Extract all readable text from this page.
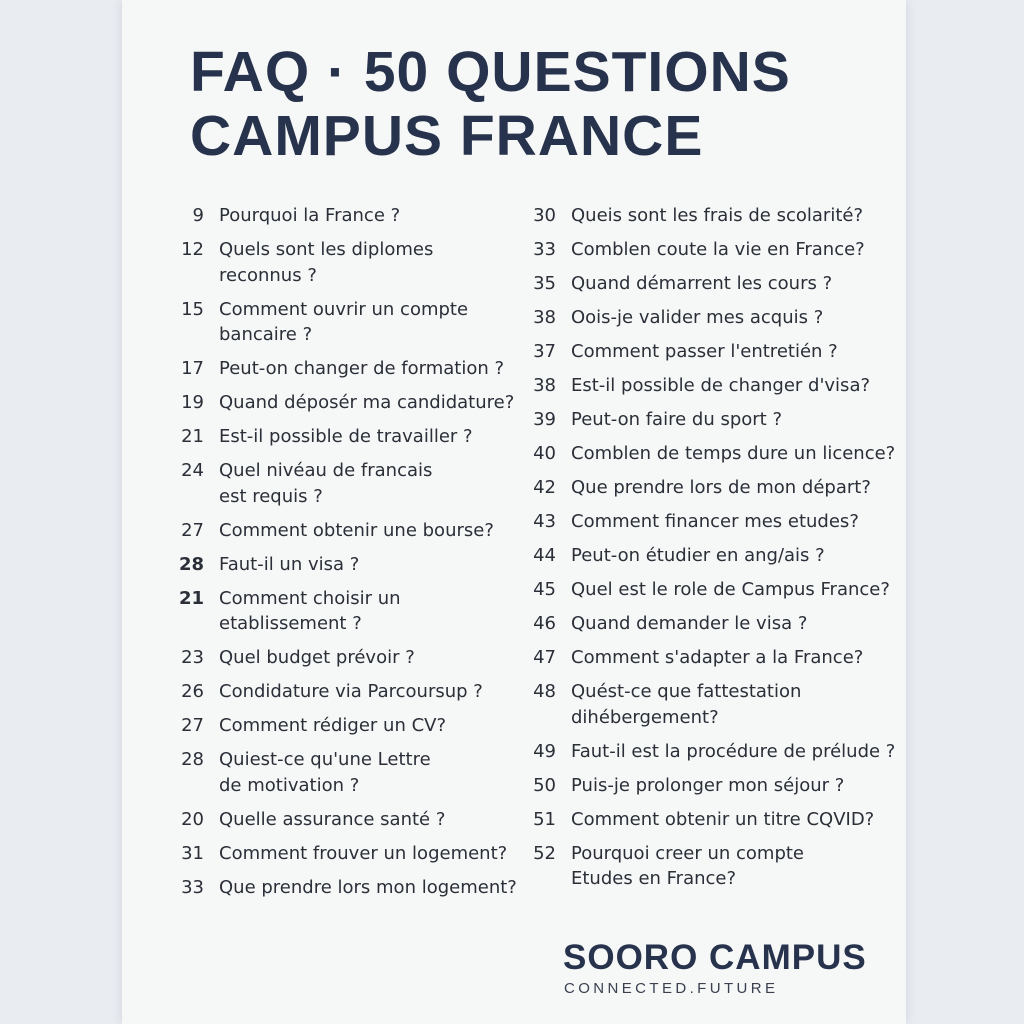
FAQ · 50 QUESTIONS
CAMPUS FRANCE
9 Pourquoi la France ?
12 Quels sont les diplomes
reconnus ?
15 Comment ouvrir un compte
bancaire ?
17 Peut-on changer de formation ?
19 Quand déposér ma candidature?
21 Est-il possible de travailler ?
24 Quel nivéau de francais
est requis ?
27 Comment obtenir une bourse?
28 Faut-il un visa ?
21 Comment choisir un
etablissement ?
23 Quel budget prévoir ?
26 Condidature via Parcoursup ?
27 Comment rédiger un CV?
28 Quiest-ce qu'une Lettre
de motivation ?
20 Quelle assurance santé ?
31 Comment frouver un logement?
33 Que prendre lors mon logement?
30 Queis sont les frais de scolarité?
33 Comblen coute la vie en France?
35 Quand démarrent les cours ?
38 Oois-je valider mes acquis ?
37 Comment passer l'entretién ?
38 Est-il possible de changer d'visa?
39 Peut-on faire du sport ?
40 Comblen de temps dure un licence?
42 Que prendre lors de mon départ?
43 Comment financer mes etudes?
44 Peut-on étudier en ang/ais ?
45 Quel est le role de Campus France?
46 Quand demander le visa ?
47 Comment s'adapter a la France?
48 Quést-ce que fattestation
dihébergement?
49 Faut-il est la procédure de prélude ?
50 Puis-je prolonger mon séjour ?
51 Comment obtenir un titre CQVID?
52 Pourquoi creer un compte
Etudes en France?
SOORO CAMPUS
CONNECTED.FUTURE
